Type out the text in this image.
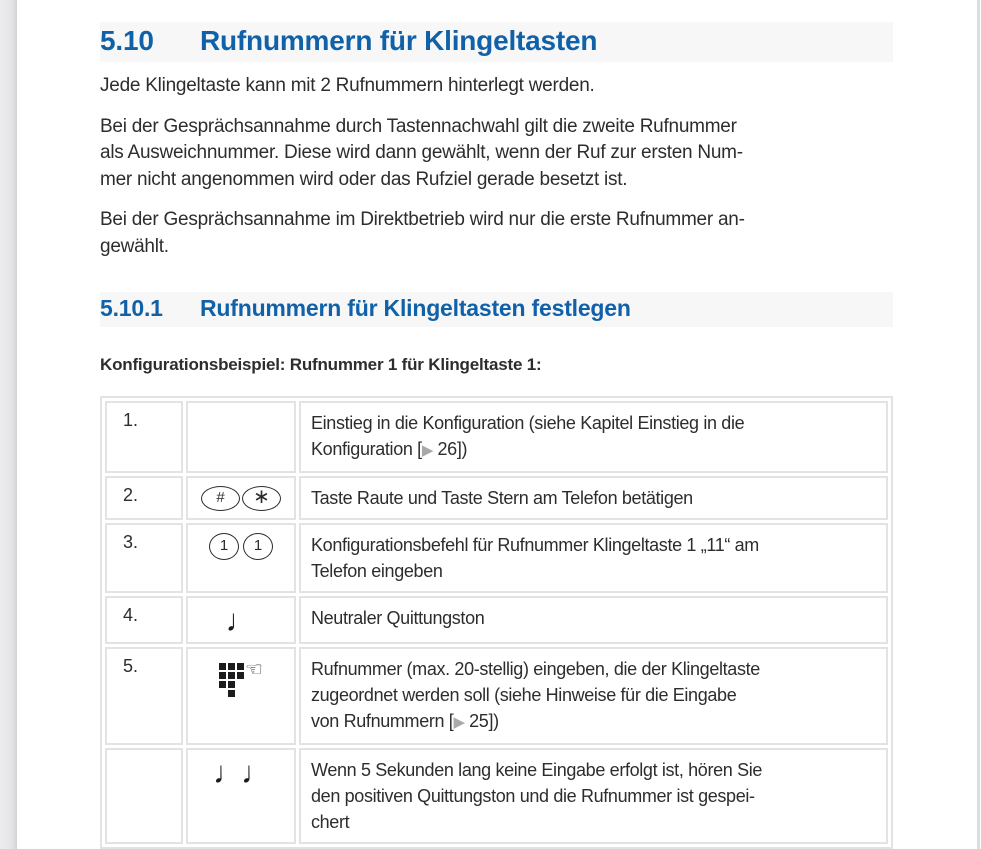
5.10 Rufnummern für Klingeltasten

Jede Klingeltaste kann mit 2 Rufnummern hinterlegt werden.

Bei der Gesprächsannahme durch Tastennachwahl gilt die zweite Rufnummer
als Ausweichnummer. Diese wird dann gewählt, wenn der Ruf zur ersten Num-
mer nicht angenommen wird oder das Rufziel gerade besetzt ist.

Bei der Gesprächsannahme im Direktbetrieb wird nur die erste Rufnummer an-
gewählt.

5.10.1 Rufnummern für Klingeltasten festlegen

Konfigurationsbeispiel: Rufnummer 1 für Klingeltaste 1:

1.		Einstieg in die Konfiguration (siehe Kapitel Einstieg in die
Konfiguration [▶ 26])

2.	# ∗	Taste Raute und Taste Stern am Telefon betätigen

3.	1 1	Konfigurationsbefehl für Rufnummer Klingeltaste 1 „11“ am
Telefon eingeben

4.	♩	Neutraler Quittungston

5.	☜	Rufnummer (max. 20-stellig) eingeben, die der Klingeltaste
zugeordnet werden soll (siehe Hinweise für die Eingabe
von Rufnummern [▶ 25])

	♩♩	Wenn 5 Sekunden lang keine Eingabe erfolgt ist, hören Sie
den positiven Quittungston und die Rufnummer ist gespei-
chert
